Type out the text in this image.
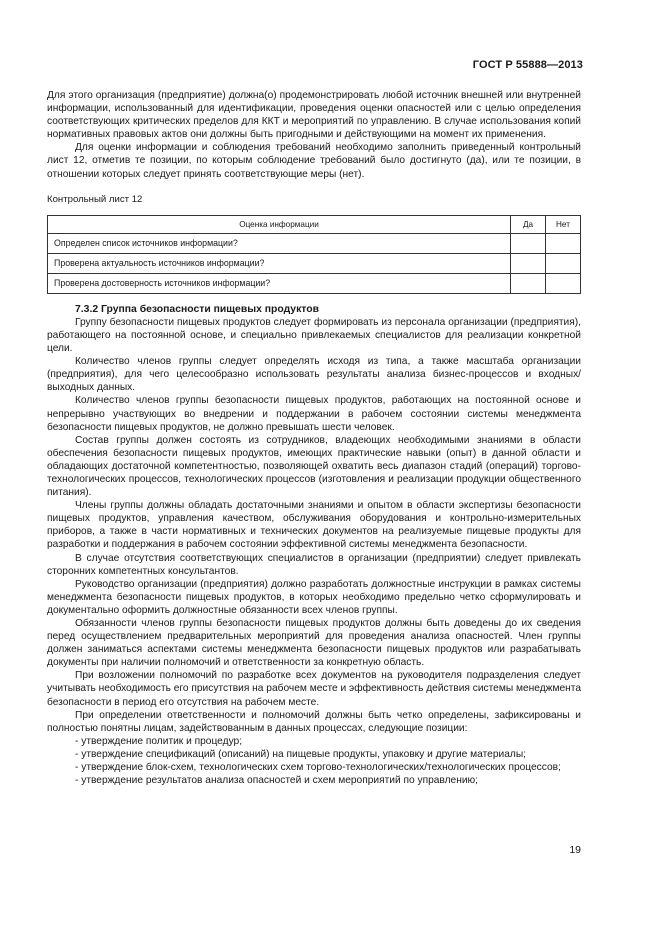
ГОСТ Р 55888—2013

Для этого организация (предприятие) должна(о) продемонстрировать любой источник внешней или внутренней информации, использованный для идентификации, проведения оценки опасностей или с целью определения соответствующих критических пределов для ККТ и мероприятий по управлению. В случае использования копий нормативных правовых актов они должны быть пригодными и действующими на момент их применения.

Для оценки информации и соблюдения требований необходимо заполнить приведенный контрольный лист 12, отметив те позиции, по которым соблюдение требований было достигнуто (да), или те позиции, в отношении которых следует принять соответствующие меры (нет).

Контрольный лист 12
Оценка информации	Да	Нет
Определен список источников информации?		
Проверена актуальность источников информации?		
Проверена достоверность источников информации?		
7.3.2 Группа безопасности пищевых продуктов

Группу безопасности пищевых продуктов следует формировать из персонала организации (предприятия), работающего на постоянной основе, и специально привлекаемых специалистов для реализации конкретной цели.

Количество членов группы следует определять исходя из типа, а также масштаба организации (предприятия), для чего целесообразно использовать результаты анализа бизнес-процессов и входных/выходных данных.

Количество членов группы безопасности пищевых продуктов, работающих на постоянной основе и непрерывно участвующих во внедрении и поддержании в рабочем состоянии системы менеджмента безопасности пищевых продуктов, не должно превышать шести человек.

Состав группы должен состоять из сотрудников, владеющих необходимыми знаниями в области обеспечения безопасности пищевых продуктов, имеющих практические навыки (опыт) в данной области и обладающих достаточной компетентностью, позволяющей охватить весь диапазон стадий (операций) торгово-технологических процессов, технологических процессов (изготовления и реализации продукции общественного питания).

Члены группы должны обладать достаточными знаниями и опытом в области экспертизы безопасности пищевых продуктов, управления качеством, обслуживания оборудования и контрольно-измерительных приборов, а также в части нормативных и технических документов на реализуемые пищевые продукты для разработки и поддержания в рабочем состоянии эффективной системы менеджмента безопасности.

В случае отсутствия соответствующих специалистов в организации (предприятии) следует привлекать сторонних компетентных консультантов.

Руководство организации (предприятия) должно разработать должностные инструкции в рамках системы менеджмента безопасности пищевых продуктов, в которых необходимо предельно четко сформулировать и документально оформить должностные обязанности всех членов группы.

Обязанности членов группы безопасности пищевых продуктов должны быть доведены до их сведения перед осуществлением предварительных мероприятий для проведения анализа опасностей. Член группы должен заниматься аспектами системы менеджмента безопасности пищевых продуктов или разрабатывать документы при наличии полномочий и ответственности за конкретную область.

При возложении полномочий по разработке всех документов на руководителя подразделения следует учитывать необходимость его присутствия на рабочем месте и эффективность действия системы менеджмента безопасности в период его отсутствия на рабочем месте.

При определении ответственности и полномочий должны быть четко определены, зафиксированы и полностью понятны лицам, задействованным в данных процессах, следующие позиции:

- утверждение политик и процедур;

- утверждение спецификаций (описаний) на пищевые продукты, упаковку и другие материалы;

- утверждение блок-схем, технологических схем торгово-технологических/технологических процессов;

- утверждение результатов анализа опасностей и схем мероприятий по управлению;

19
